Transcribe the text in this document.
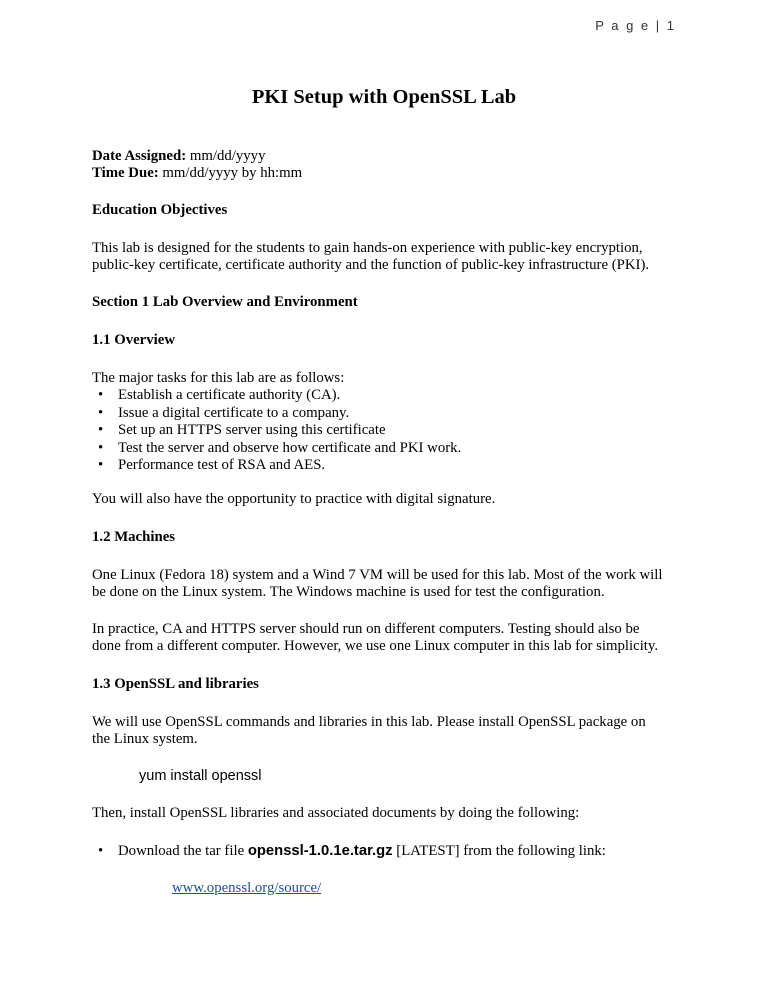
P a g e | 1
PKI Setup with OpenSSL Lab
Date Assigned: mm/dd/yyyy
Time Due: mm/dd/yyyy by hh:mm
Education Objectives
This lab is designed for the students to gain hands-on experience with public-key encryption,
public-key certificate, certificate authority and the function of public-key infrastructure (PKI).
Section 1 Lab Overview and Environment
1.1 Overview
The major tasks for this lab are as follows:
• Establish a certificate authority (CA).
• Issue a digital certificate to a company.
• Set up an HTTPS server using this certificate
• Test the server and observe how certificate and PKI work.
• Performance test of RSA and AES.
You will also have the opportunity to practice with digital signature.
1.2 Machines
One Linux (Fedora 18) system and a Wind 7 VM will be used for this lab. Most of the work will
be done on the Linux system. The Windows machine is used for test the configuration.
In practice, CA and HTTPS server should run on different computers. Testing should also be
done from a different computer. However, we use one Linux computer in this lab for simplicity.
1.3 OpenSSL and libraries
We will use OpenSSL commands and libraries in this lab. Please install OpenSSL package on
the Linux system.
yum install openssl
Then, install OpenSSL libraries and associated documents by doing the following:
• Download the tar file openssl-1.0.1e.tar.gz [LATEST] from the following link:
www.openssl.org/source/
